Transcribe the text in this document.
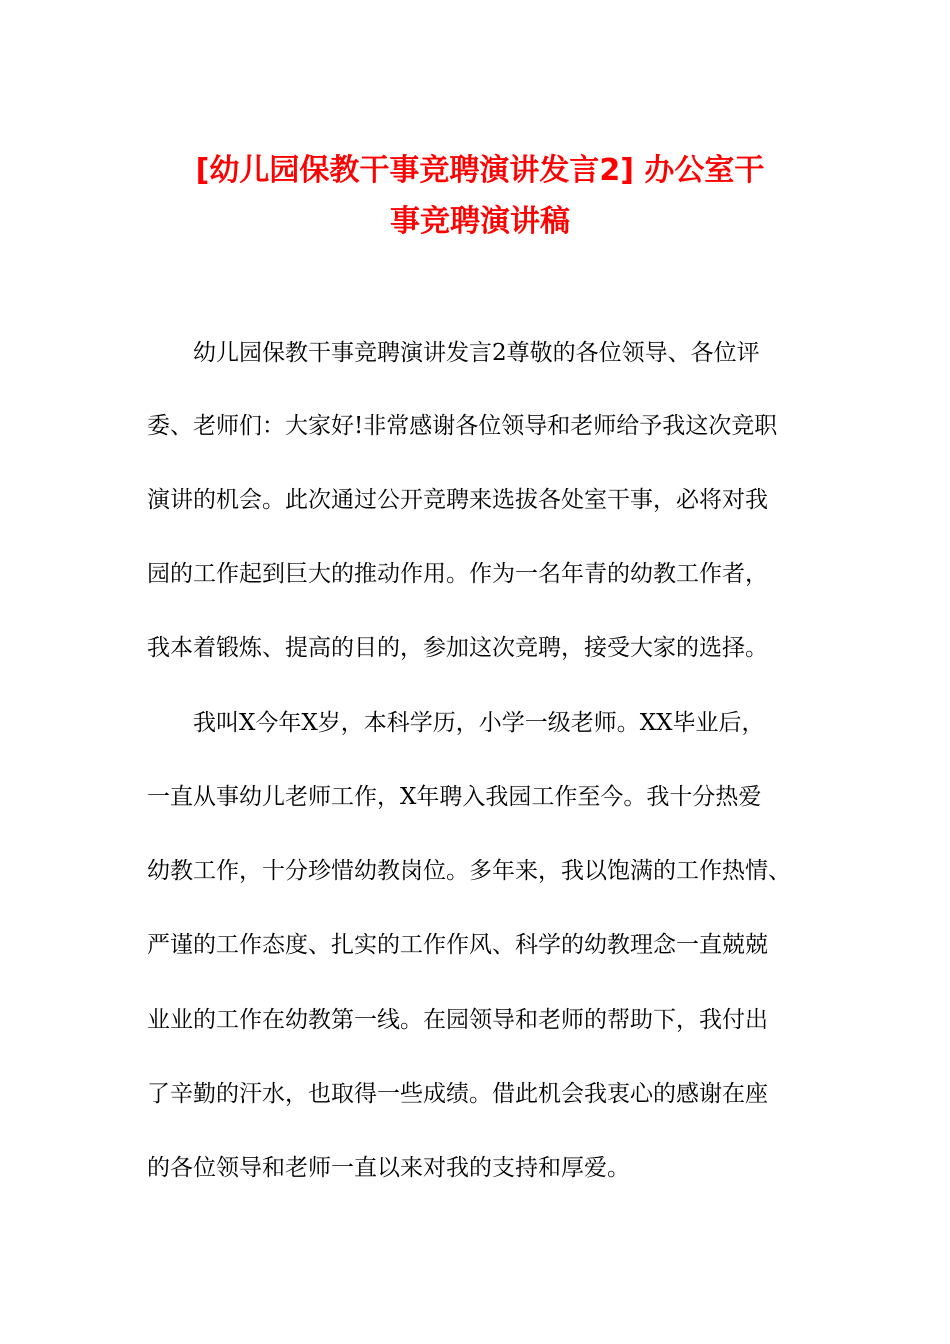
[幼儿园保教干事竞聘演讲发言2] 办公室干
事竞聘演讲稿
幼儿园保教干事竞聘演讲发言2尊敬的各位领导、各位评
委、老师们：大家好!非常感谢各位领导和老师给予我这次竞职
演讲的机会。此次通过公开竞聘来选拔各处室干事，必将对我
园的工作起到巨大的推动作用。作为一名年青的幼教工作者，
我本着锻炼、提高的目的，参加这次竞聘，接受大家的选择。
我叫X今年X岁，本科学历，小学一级老师。XX毕业后，
一直从事幼儿老师工作，X年聘入我园工作至今。我十分热爱
幼教工作，十分珍惜幼教岗位。多年来，我以饱满的工作热情、
严谨的工作态度、扎实的工作作风、科学的幼教理念一直兢兢
业业的工作在幼教第一线。在园领导和老师的帮助下，我付出
了辛勤的汗水，也取得一些成绩。借此机会我衷心的感谢在座
的各位领导和老师一直以来对我的支持和厚爱。
